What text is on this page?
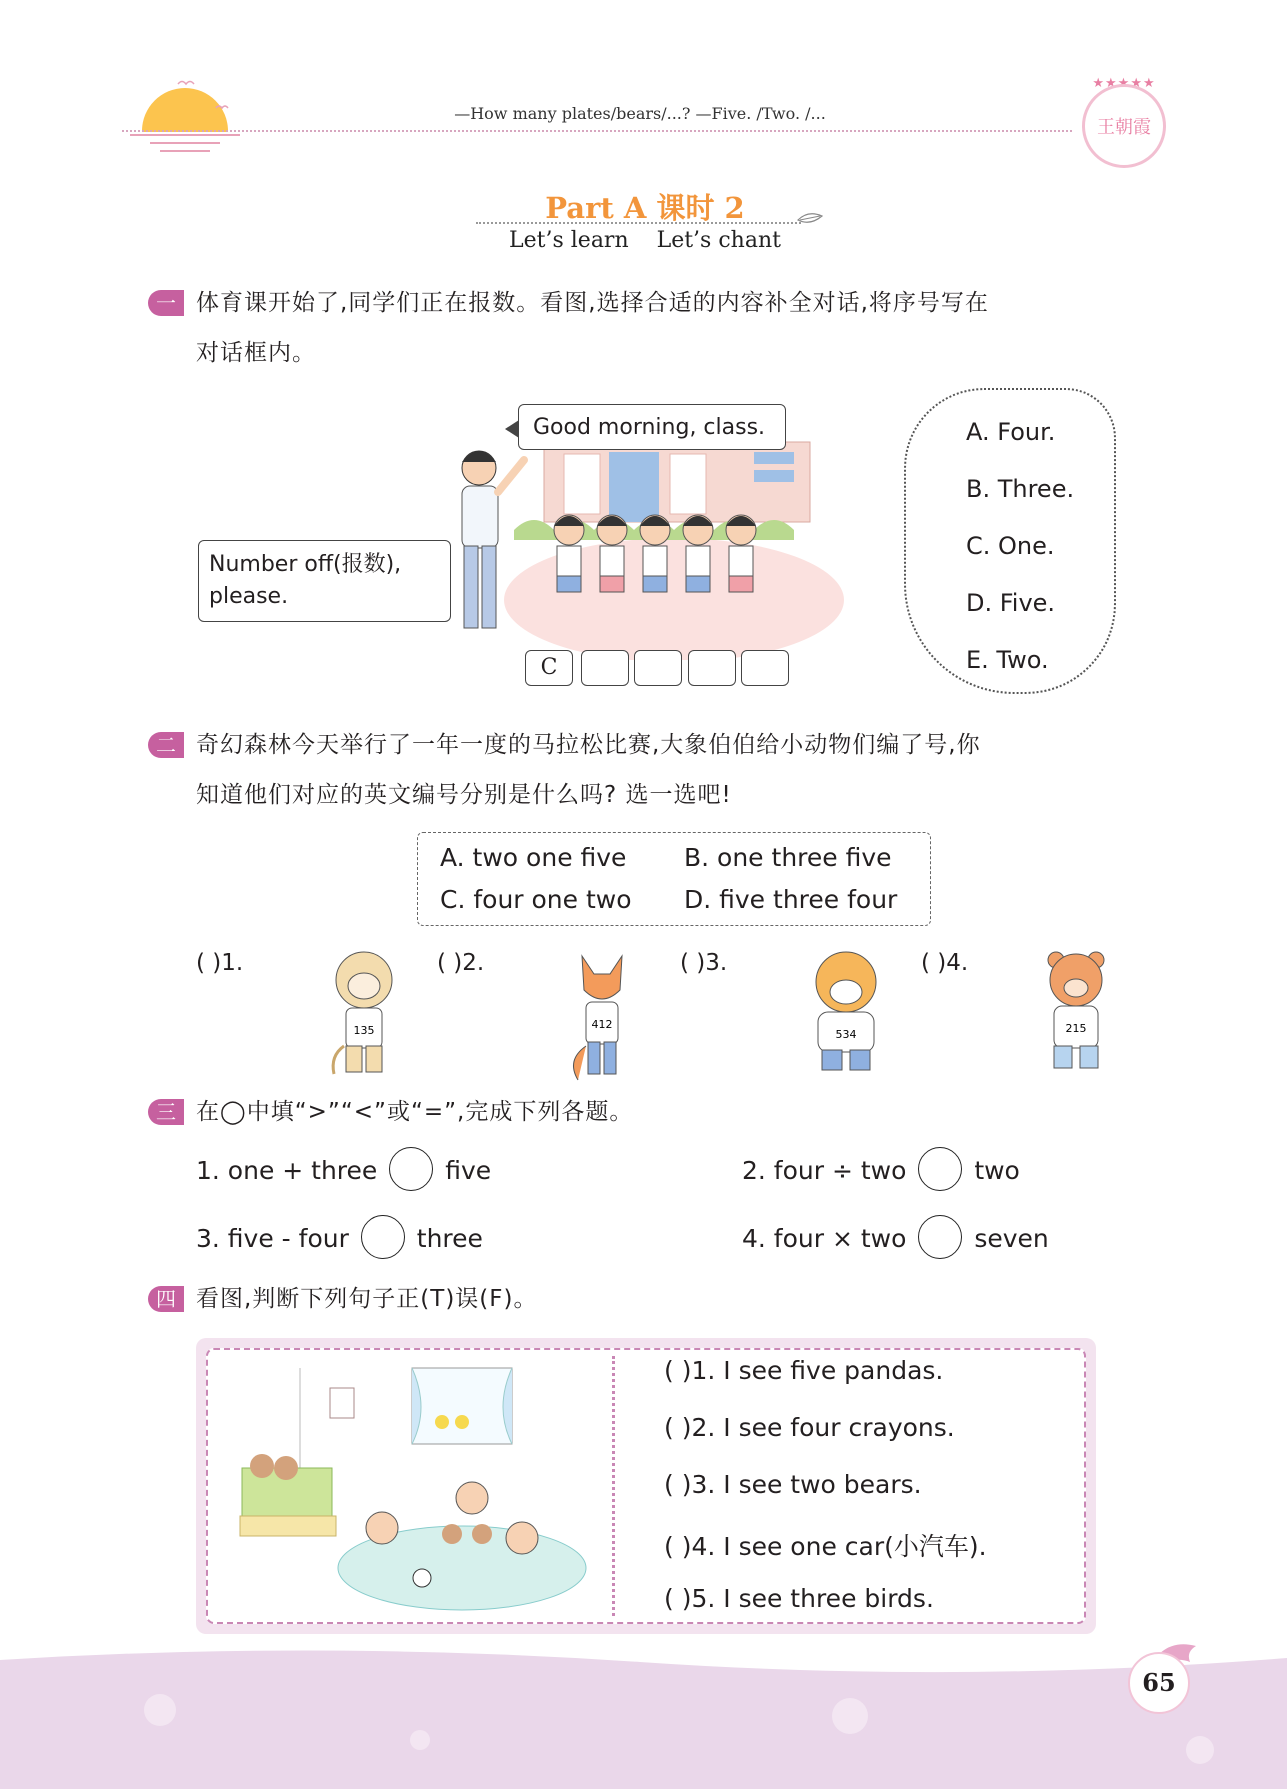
—How many plates/bears/...? —Five. /Two. /...
★★★★★
王朝霞
Part A 课时 2
Let’s learn    Let’s chant
一 体育课开始了,同学们正在报数。看图,选择合适的内容补全对话,将序号写在
对话框内。
Good morning, class.
Number off(报数),
please.
C
A. Four.
B. Three.
C. One.
D. Five.
E. Two.
二 奇幻森林今天举行了一年一度的马拉松比赛,大象伯伯给小动物们编了号,你
知道他们对应的英文编号分别是什么吗? 选一选吧!
A. two one five B. one three five
C. four one two D. five three four
( )1.	( )2.	( )3.	( )4.
135	412
534	215
三 在◯中填“>”“<”或“=”,完成下列各题。
1. one + three	five	2. four ÷ two	two
3. five - four	three	4. four × two	seven
四 看图,判断下列句子正(T)误(F)。
( )1. I see five pandas.
( )2. I see four crayons.
( )3. I see two bears.
( )4. I see one car(小汽车).
( )5. I see three birds.
65
